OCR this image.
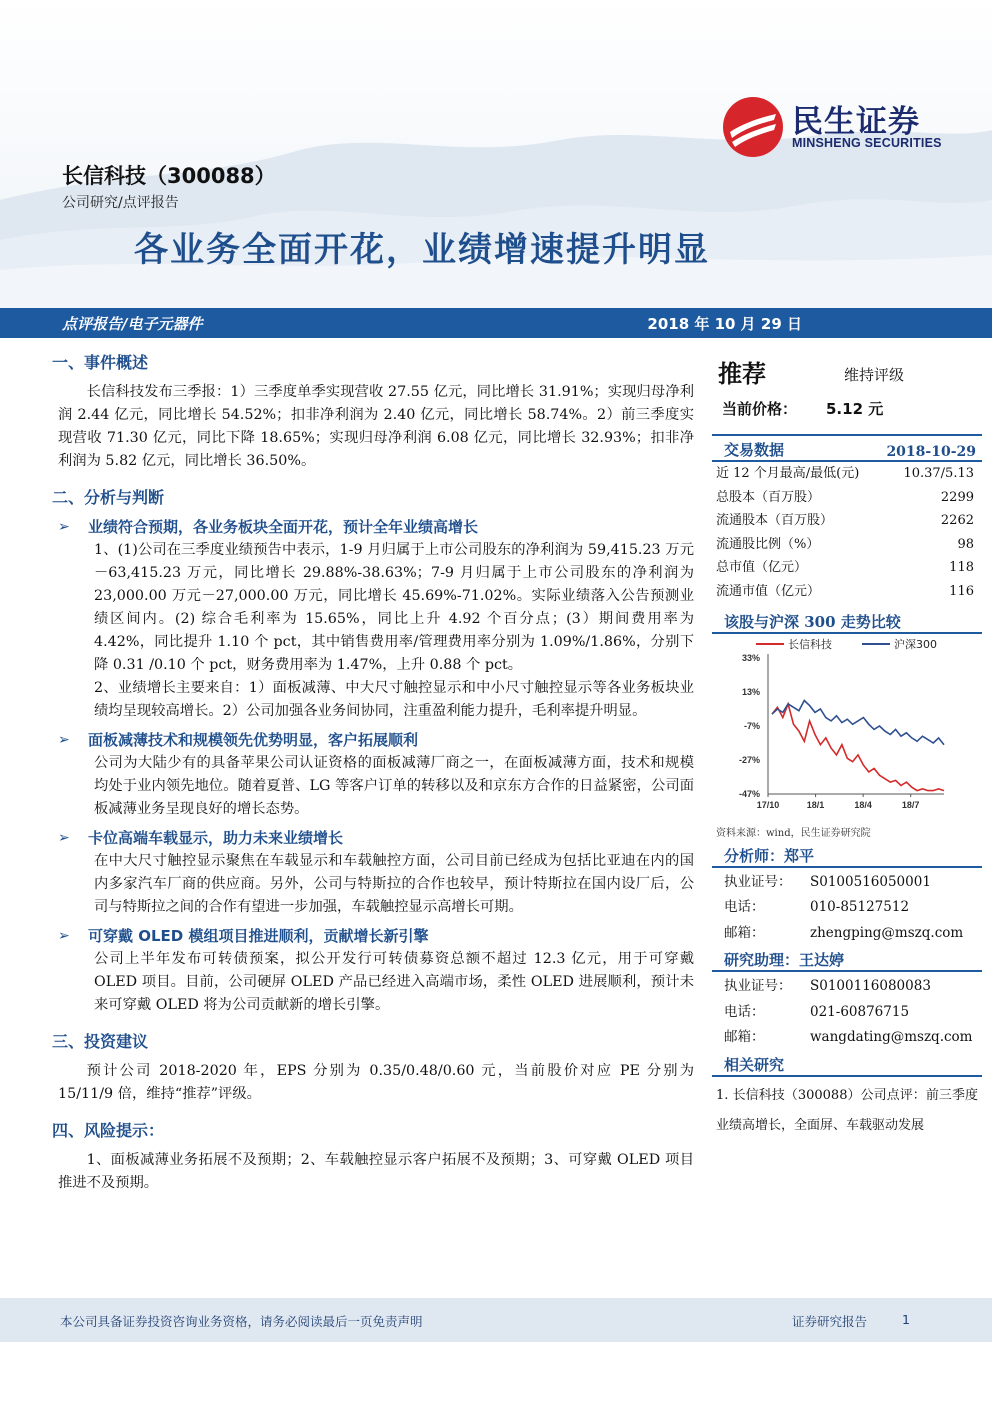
民生证券
MINSHENG SECURITIES
长信科技（300088）
公司研究/点评报告
各业务全面开花，业绩增速提升明显
点评报告/电子元器件	2018 年 10 月 29 日
一、事件概述
长信科技发布三季报：1）三季度单季实现营收 27.55 亿元，同比增长 31.91%；实现归母净利润 2.44 亿元，同比增长 54.52%；扣非净利润为 2.40 亿元，同比增长 58.74%。2）前三季度实现营收 71.30 亿元，同比下降 18.65%；实现归母净利润 6.08 亿元，同比增长 32.93%；扣非净利润为 5.82 亿元，同比增长 36.50%。
二、分析与判断
➢	业绩符合预期，各业务板块全面开花，预计全年业绩高增长
1、(1)公司在三季度业绩预告中表示，1-9 月归属于上市公司股东的净利润为 59,415.23 万元－63,415.23 万元，同比增长 29.88%-38.63%；7-9 月归属于上市公司股东的净利润为 23,000.00 万元－27,000.00 万元，同比增长 45.69%-71.02%。实际业绩落入公告预测业绩区间内。(2) 综合毛利率为 15.65%，同比上升 4.92 个百分点；(3）期间费用率为 4.42%，同比提升 1.10 个 pct，其中销售费用率/管理费用率分别为 1.09%/1.86%，分别下降 0.31 /0.10 个 pct，财务费用率为 1.47%，上升 0.88 个 pct。
2、业绩增长主要来自：1）面板减薄、中大尺寸触控显示和中小尺寸触控显示等各业务板块业绩均呈现较高增长。2）公司加强各业务间协同，注重盈利能力提升，毛利率提升明显。
➢	面板减薄技术和规模领先优势明显，客户拓展顺利
公司为大陆少有的具备苹果公司认证资格的面板减薄厂商之一，在面板减薄方面，技术和规模均处于业内领先地位。随着夏普、LG 等客户订单的转移以及和京东方合作的日益紧密，公司面板减薄业务呈现良好的增长态势。
➢	卡位高端车载显示，助力未来业绩增长
在中大尺寸触控显示聚焦在车载显示和车载触控方面，公司目前已经成为包括比亚迪在内的国内多家汽车厂商的供应商。另外，公司与特斯拉的合作也较早，预计特斯拉在国内设厂后，公司与特斯拉之间的合作有望进一步加强，车载触控显示高增长可期。
➢	可穿戴 OLED 模组项目推进顺利，贡献增长新引擎
公司上半年发布可转债预案，拟公开发行可转债募资总额不超过 12.3 亿元，用于可穿戴 OLED 项目。目前，公司硬屏 OLED 产品已经进入高端市场，柔性 OLED 进展顺利，预计未来可穿戴 OLED 将为公司贡献新的增长引擎。
三、投资建议
预计公司 2018-2020 年，EPS 分别为 0.35/0.48/0.60 元，当前股价对应 PE 分别为 15/11/9 倍，维持“推荐”评级。
四、风险提示：
1、面板减薄业务拓展不及预期；2、车载触控显示客户拓展不及预期；3、可穿戴 OLED 项目推进不及预期。
推荐	维持评级
当前价格： 5.12 元
交易数据	2018-10-29
近 12 个月最高/最低(元)	10.37/5.13
总股本（百万股）	2299
流通股本（百万股）	2262
流通股比例（%）	98
总市值（亿元）	118
流通市值（亿元）	116
该股与沪深 300 走势比较
33%
13%
-7%
-27%
-47%
17/10	18/1	18/4	18/7
长信科技	沪深300
资料来源：wind，民生证券研究院
分析师：郑平
执业证号：	S0100516050001
电话：	010-85127512
邮箱：	zhengping@mszq.com
研究助理：王达婷
执业证号：	S0100116080083
电话：	021-60876715
邮箱：	wangdating@mszq.com
相关研究
1. 长信科技（300088）公司点评：前三季度业绩高增长，全面屏、车载驱动发展
本公司具备证券投资咨询业务资格，请务必阅读最后一页免责声明	证券研究报告	1
